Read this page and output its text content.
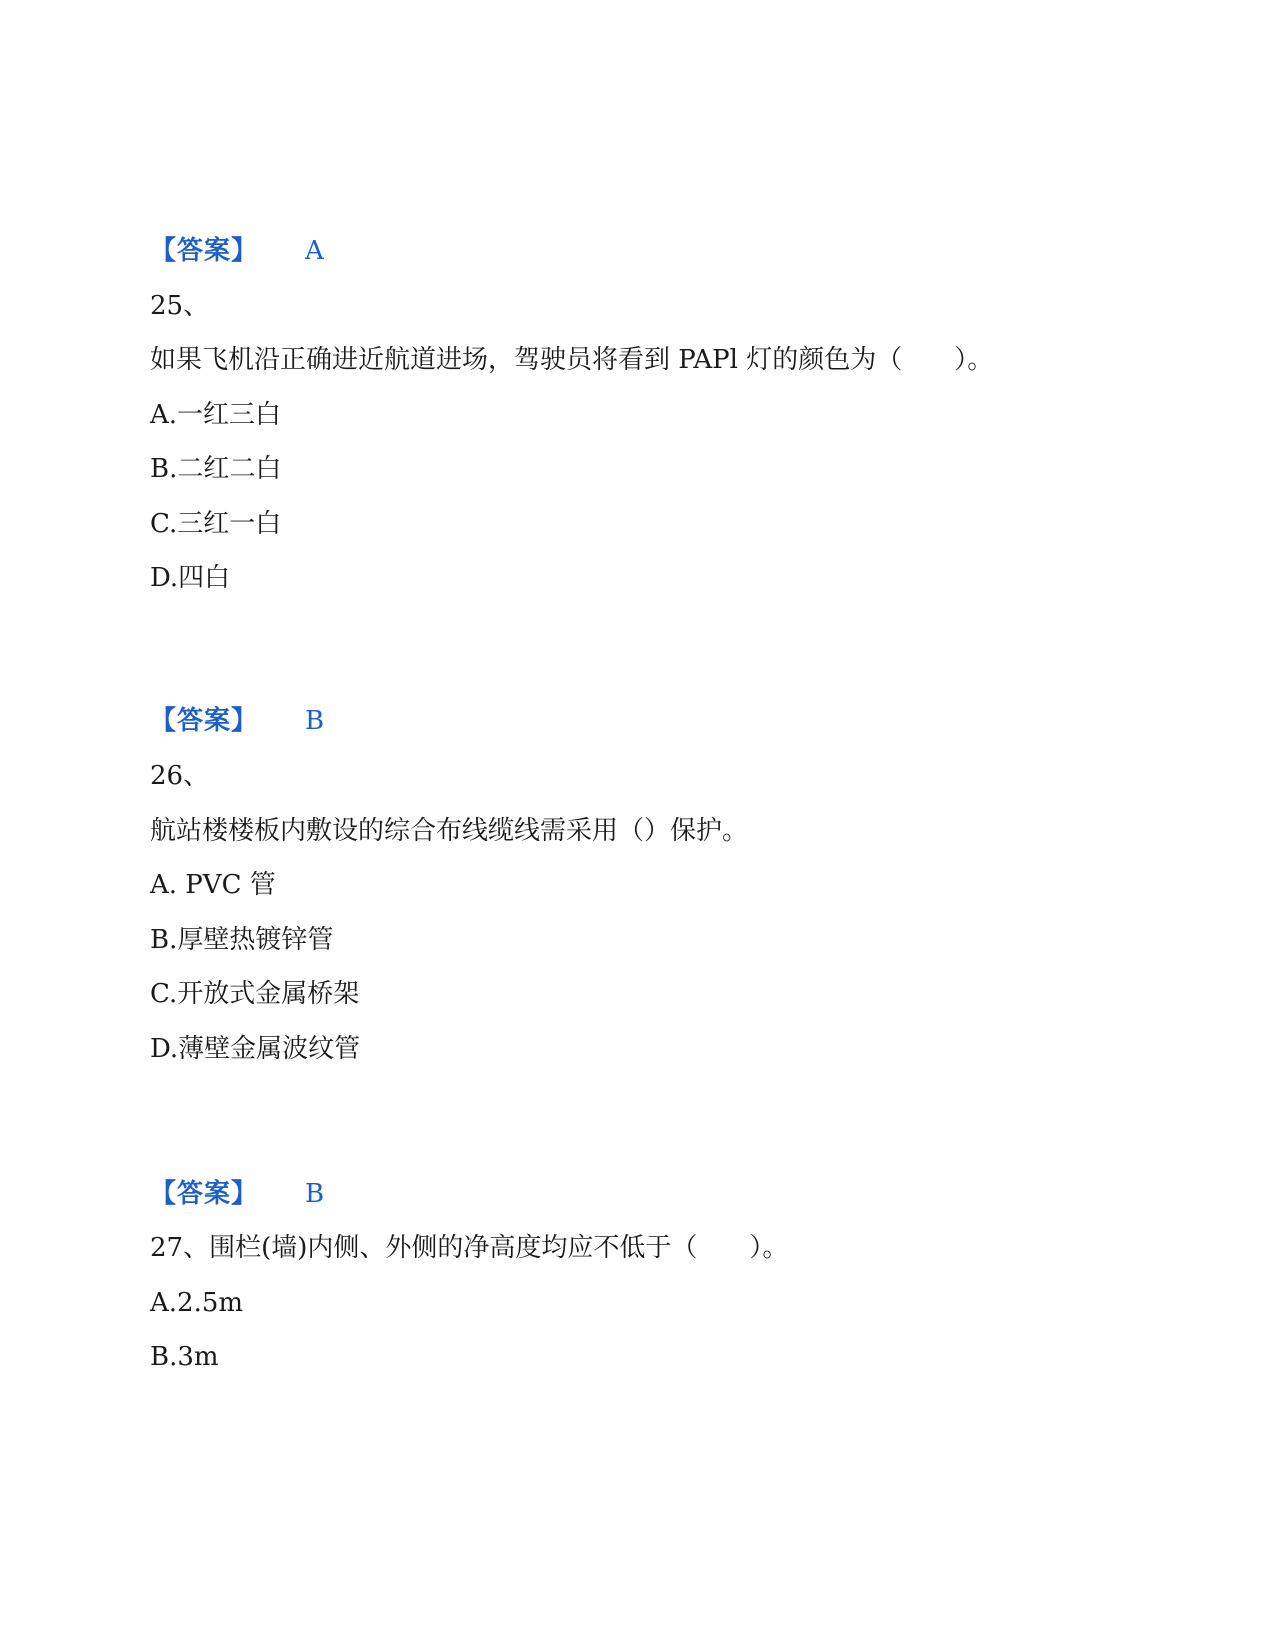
【答案】 A
25、
如果飞机沿正确进近航道进场，驾驶员将看到 PAPl 灯的颜色为（　　）。
A.一红三白
B.二红二白
C.三红一白
D.四白
【答案】 B
26、
航站楼楼板内敷设的综合布线缆线需采用（）保护。
A. PVC 管
B.厚壁热镀锌管
C.开放式金属桥架
D.薄壁金属波纹管
【答案】 B
27、围栏(墙)内侧、外侧的净高度均应不低于（　　）。
A.2.5m
B.3m
